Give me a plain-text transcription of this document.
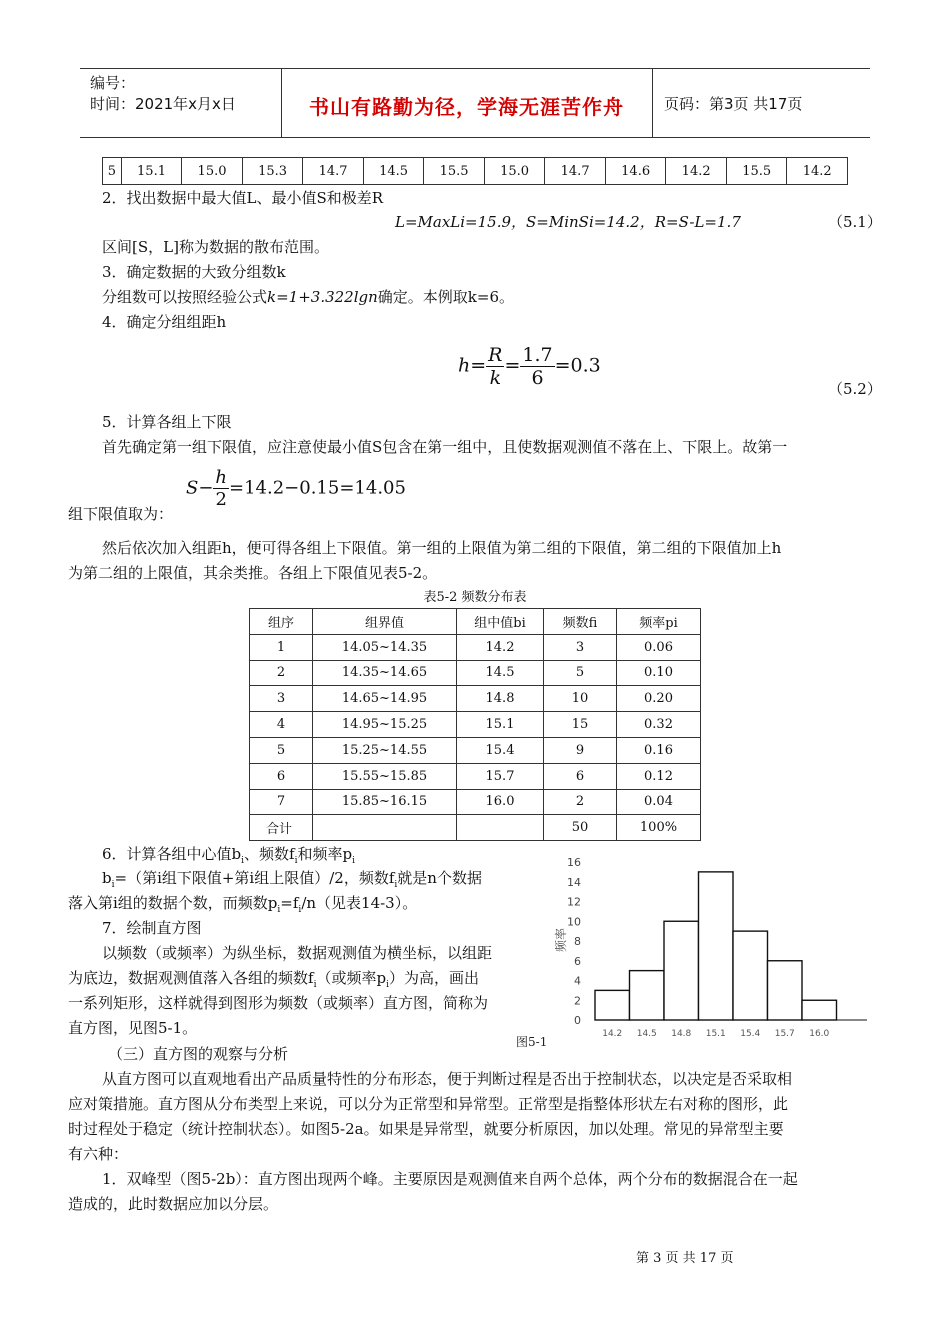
编号：
时间：2021年x月x日	书山有路勤为径，学海无涯苦作舟	页码：第3页 共17页
5	15.1	15.0	15.3	14.7	14.5	15.5	15.0	14.7	14.6	14.2	15.5	14.2
2．找出数据中最大值L、最小值S和极差R
L=MaxLi=15.9，S=MinSi=14.2，R=S-L=1.7	（5.1）
区间[S，L]称为数据的散布范围。
3．确定数据的大致分组数k
分组数可以按照经验公式k=1+3.322lgn确定。本例取k=6。
4．确定分组组距h
$h= \frac{R}{k} = \frac{1.7}{6} =0.3$
（5.2）
5．计算各组上下限
首先确定第一组下限值，应注意使最小值S包含在第一组中，且使数据观测值不落在上、下限上。故第一
组下限值取为：
$S- \frac{h}{2} =14.2-0.15=14.05$
然后依次加入组距h，便可得各组上下限值。第一组的上限值为第二组的下限值，第二组的下限值加上h
为第二组的上限值，其余类推。各组上下限值见表5-2。
表5-2 频数分布表
组序	组界值	组中值bi	频数fi	频率pi
1	14.05~14.35	14.2	3	0.06
2	14.35~14.65	14.5	5	0.10
3	14.65~14.95	14.8	10	0.20
4	14.95~15.25	15.1	15	0.32
5	15.25~14.55	15.4	9	0.16
6	15.55~15.85	15.7	6	0.12
7	15.85~16.15	16.0	2	0.04
合计			50	100%
6．计算各组中心值$b_i$、频数$f_i$和频率$p_i$
$b_i=$（第i组下限值+第i组上限值）/2，频数$f_i$就是n个数据
落入第i组的数据个数，而频数$p_i=f_i/n$（见表14-3）。
7．绘制直方图
以频数（或频率）为纵坐标，数据观测值为横坐标，以组距
为底边，数据观测值落入各组的频数$f_i$（或频率$p_i$）为高，画出
一系列矩形，这样就得到图形为频数（或频率）直方图，简称为
直方图，见图5-1。	0
2
4
6
8
10
12
14
16
频率
14.2 14.5 14.8 15.1 15.4 15.7 16.0
图5-1
（三）直方图的观察与分析
从直方图可以直观地看出产品质量特性的分布形态，便于判断过程是否出于控制状态，以决定是否采取相
应对策措施。直方图从分布类型上来说，可以分为正常型和异常型。正常型是指整体形状左右对称的图形，此
时过程处于稳定（统计控制状态）。如图5-2a。如果是异常型，就要分析原因，加以处理。常见的异常型主要
有六种：
1．双峰型（图5-2b）：直方图出现两个峰。主要原因是观测值来自两个总体，两个分布的数据混合在一起
造成的，此时数据应加以分层。
第 3 页 共 17 页
